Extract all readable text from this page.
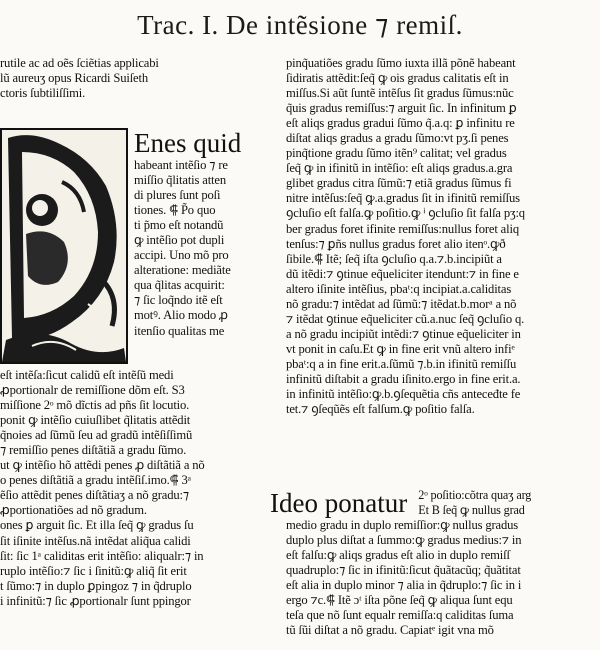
Trac. I. De intẽsione ⁊ remiſ.
rutile ac ad oẽs ſciẽtias applicabi
lũ aureuʒ opus Ricardi Suiſeth
ctoris ſubtiliſſimi.
Enes quid
habeant intẽſio ⁊ re
miſſio q̃litatis atten
di plures ſunt poſi
tiones. ⸿ P̃o quo
ti p̃mo eſt notandũ
ꝙ intẽſio pot dupli
accipi. Uno mõ pro
alteratione: mediãte
qua q̃litas acquirit:
⁊ ſic loq̃ndo itẽ eſt
motꝰ. Alio modo ꝓ
itenſio qualitas me
eſt intẽſa:ſicut calidũ eſt intẽſũ medi
ꝓportionalr de remiſſione dõm eſt. S3
miſſione 2ᵒ mõ dĩctis ad pñs ſit locutio.
ponit ꝙ intẽſio cuiuſlibet q̃litatis attẽdit
q̃noies ad ſũmũ ſeu ad gradũ intẽſiſſimũ
⁊ remiſſio penes diſtãtiã a gradu ſũmo.
ut ꝙ intẽſio hõ attẽdi penes ꝓ diſtãtiã a nõ
o penes diſtãtiã a gradu intẽſiſ.imo.⸿ 3ᵃ
ẽſio attẽdit penes diſtãtiaʒ a nõ gradu:⁊
ꝓportionatiões ad nõ gradum.
ones ꝑ arguit ſic. Et illa ſeq̃ ꝙ gradus ſu
ſit iſinite intẽſus.nã intẽdat aliq̃ua calidi
ſit: ſic 1ᵃ caliditas erit intẽſio: aliqualr:⁊ in
ruplo intẽſio:⁊ ſic i ſinitũ:ꝙ aliq̃ ſit erit
t ſũmo:⁊ in duplo ꝑpingoz ⁊ in q̃druplo
i infinitũ:⁊ ſic ꝓportionalr ſunt ppingor
pinq̃uatiões gradu ſũmo iuxta illã põnẽ habeant
ſidiratis attẽdit:ſeq̃ ꝙ ois gradus calitatis eſt in
miſſus.Si aũt ſuntẽ intẽſus ſit gradus ſũmus:nũc
q̃uis gradus remiſſus:⁊ arguit ſic. In infinitum ꝑ
eſt aliqs gradus gradui ſũmo q̃.a.q: ꝑ infinitu re
diſtat aliqs gradus a gradu ſũmo:vt pʒ.ſi penes
pinq̃tione gradu ſũmo itẽn⁹ calitat; vel gradus
ſeq̃ ꝙ in ifinitũ in intẽſio: eſt aliqs gradus.a.gra
glibet gradus citra ſũmũ:⁊ etiã gradus ſũmus fi
nitre intẽſus:ſeq̃ ꝙ.a.gradus ſit in ifinitũ remiſſus
ꝯcluſio eſt falſa.ꝙ poſitio.ꝙ ⁱ ꝯcluſio ſit falſa pʒ:q
ber gradus foret ifinite remiſſus:nullus foret aliq
tenſus:⁊ ꝑñs nullus gradus foret alio itenᵒ.ꝙð
ſibile.⸿ Itẽ; ſeq̃ iſta ꝯcluſio q.a.⁊.b.incipiũt a
dũ itẽdi:⁊ ꝯtinue eq̃ueliciter itendunt:⁊ in fine e
altero iſinite intẽſius, pbaᵗ:q incipiat.a.caliditas
nõ gradu:⁊ intẽdat ad ſũmũ:⁊ itẽdat.b.morᵃ a nõ
⁊ itẽdat ꝯtinue eq̃ueliciter cũ.a.nuc ſeq̃ ꝯcluſio q.
a nõ gradu incipiũt intẽdi:⁊ ꝯtinue eq̃ueliciter in
vt ponit in caſu.Et ꝙ in fine erit vnũ altero infiᵉ
pbaᵗ:q a in fine erit.a.ſũmũ ⁊.b.in ifinitũ remiſſu
infinitũ diſtabit a gradu iſinito.ergo in fine erit.a.
in infinitũ intẽſio:ꝙ.b.ꝯſequẽtia cñs anteceđte fe
tet.⁊ ꝯſeqũẽs eſt falſum.ꝙ poſitio falſa.
Ideo ponatur 2ᵒ poſitio:cõtra quaʒ arg
Et B ſeq̃ ꝙ nullus grad
medio gradu in duplo remiſſior:ꝙ nullus gradus
duplo plus diſtat a ſummo:ꝙ gradus medius:⁊ in
eſt falſu:ꝙ aliqs gradus eſt alio in duplo remiſſ
quadruplo:⁊ ſic in ifinitũ:ſicut q̃uãtacũq; q̃uãtitat
eſt alia in duplo minor ⁊ alia in q̃druplo:⁊ ſic in i
ergo ⁊c.⸿ Itẽ ɔᵗ iſta põne ſeq̃ ꝙ aliqua ſunt equ
teſa que nõ ſunt equalr remiſſa:q caliditas ſuma
tũ ſũi diſtat a nõ gradu. Capiatᵉ igit vna mõ
